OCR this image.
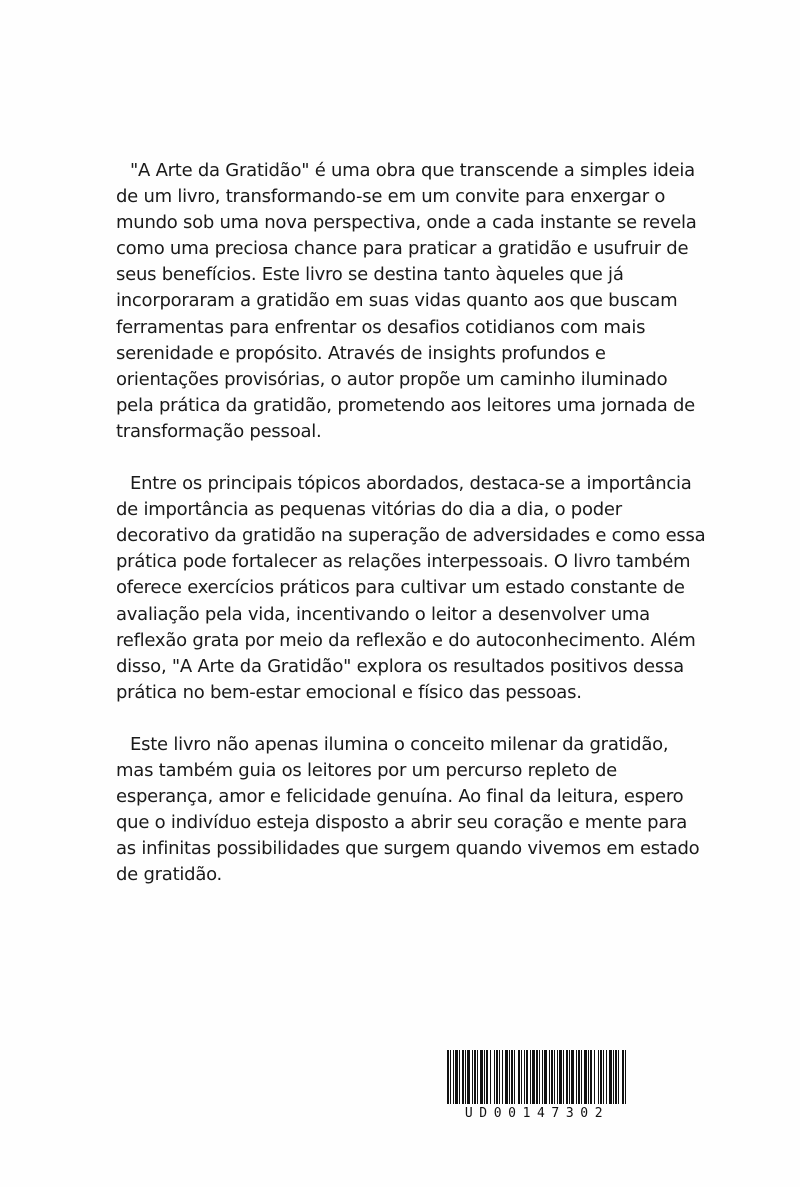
"A Arte da Gratidão" é uma obra que transcende a simples ideia de um livro, transformando-se em um convite para enxergar o mundo sob uma nova perspectiva, onde a cada instante se revela como uma preciosa chance para praticar a gratidão e usufruir de seus benefícios. Este livro se destina tanto àqueles que já incorporaram a gratidão em suas vidas quanto aos que buscam ferramentas para enfrentar os desafios cotidianos com mais serenidade e propósito. Através de insights profundos e orientações provisórias, o autor propõe um caminho iluminado pela prática da gratidão, prometendo aos leitores uma jornada de transformação pessoal.

Entre os principais tópicos abordados, destaca-se a importância de importância as pequenas vitórias do dia a dia, o poder decorativo da gratidão na superação de adversidades e como essa prática pode fortalecer as relações interpessoais. O livro também oferece exercícios práticos para cultivar um estado constante de avaliação pela vida, incentivando o leitor a desenvolver uma reflexão grata por meio da reflexão e do autoconhecimento. Além disso, "A Arte da Gratidão" explora os resultados positivos dessa prática no bem-estar emocional e físico das pessoas.

Este livro não apenas ilumina o conceito milenar da gratidão, mas também guia os leitores por um percurso repleto de esperança, amor e felicidade genuína. Ao final da leitura, espero que o indivíduo esteja disposto a abrir seu coração e mente para as infinitas possibilidades que surgem quando vivemos em estado de gratidão.

UD00147302
